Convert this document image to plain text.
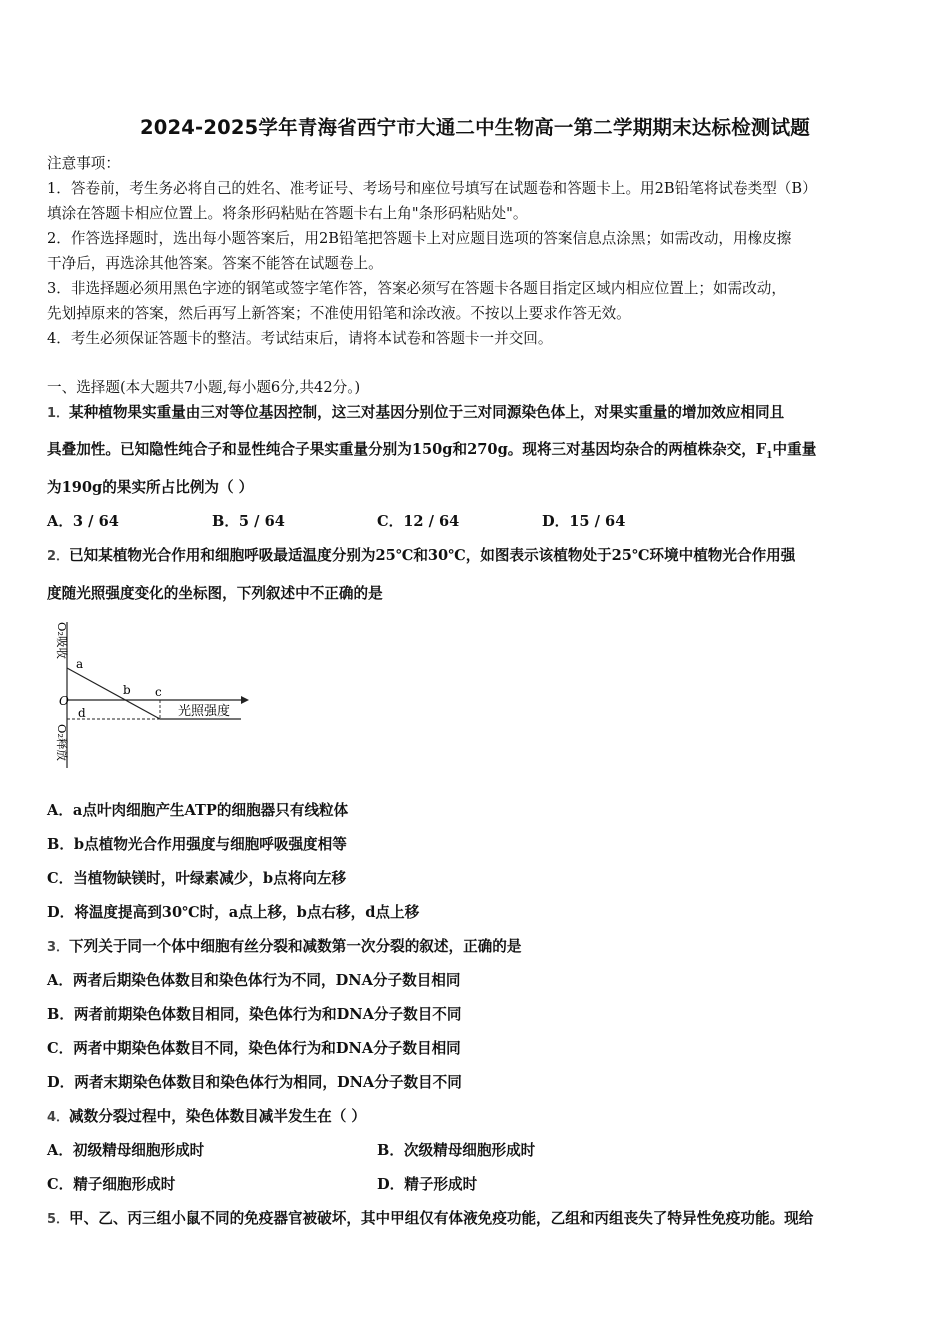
2024-2025学年青海省西宁市大通二中生物高一第二学期期末达标检测试题
注意事项：
1．答卷前，考生务必将自己的姓名、准考证号、考场号和座位号填写在试题卷和答题卡上。用2B铅笔将试卷类型（B）
填涂在答题卡相应位置上。将条形码粘贴在答题卡右上角"条形码粘贴处"。
2．作答选择题时，选出每小题答案后，用2B铅笔把答题卡上对应题目选项的答案信息点涂黑；如需改动，用橡皮擦
干净后，再选涂其他答案。答案不能答在试题卷上。
3．非选择题必须用黑色字迹的钢笔或签字笔作答，答案必须写在答题卡各题目指定区域内相应位置上；如需改动，
先划掉原来的答案，然后再写上新答案；不准使用铅笔和涂改液。不按以上要求作答无效。
4．考生必须保证答题卡的整洁。考试结束后，请将本试卷和答题卡一并交回。
一、选择题(本大题共7小题,每小题6分,共42分。)
1．某种植物果实重量由三对等位基因控制，这三对基因分别位于三对同源染色体上，对果实重量的增加效应相同且
具叠加性。已知隐性纯合子和显性纯合子果实重量分别为150g和270g。现将三对基因均杂合的两植株杂交，$F_1$中重量
为190g的果实所占比例为（ ）
A．3 / 64	B．5 / 64	C．12 / 64	D．15 / 64
2．已知某植物光合作用和细胞呼吸最适温度分别为25℃和30℃，如图表示该植物处于25℃环境中植物光合作用强
度随光照强度变化的坐标图，下列叙述中不正确的是
O₂吸收
O₂释放
O
光照强度
a
b c
d
A．a点叶肉细胞产生ATP的细胞器只有线粒体
B．b点植物光合作用强度与细胞呼吸强度相等
C．当植物缺镁时，叶绿素减少，b点将向左移
D．将温度提高到30℃时，a点上移，b点右移，d点上移
3．下列关于同一个体中细胞有丝分裂和减数第一次分裂的叙述，正确的是
A．两者后期染色体数目和染色体行为不同，DNA分子数目相同
B．两者前期染色体数目相同，染色体行为和DNA分子数目不同
C．两者中期染色体数目不同，染色体行为和DNA分子数目相同
D．两者末期染色体数目和染色体行为相同，DNA分子数目不同
4．减数分裂过程中，染色体数目减半发生在（ ）
A．初级精母细胞形成时	B．次级精母细胞形成时
C．精子细胞形成时	D．精子形成时
5．甲、乙、丙三组小鼠不同的免疫器官被破坏，其中甲组仅有体液免疫功能，乙组和丙组丧失了特异性免疫功能。现给
